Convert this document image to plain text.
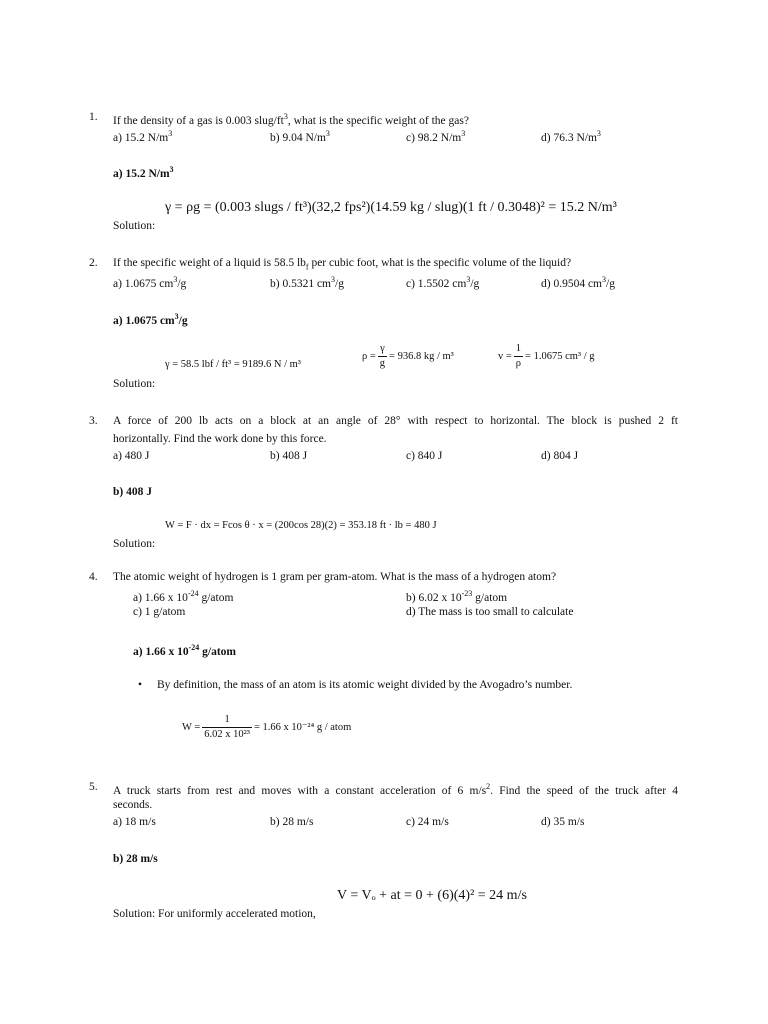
1. If the density of a gas is 0.003 slug/$ft^3$, what is the specific weight of the gas?
a) 15.2 $N/m^3$	b) 9.04 $N/m^3$	c) 98.2 $N/m^3$	d) 76.3 $N/m^3$
a) 15.2 $N/m^3$
γ = ρg = (0.003 slugs / ft³)(32,2 fps²)(14.59 kg / slug)(1 ft / 0.3048)² = 15.2 N/m³
Solution:
2. If the specific weight of a liquid is 58.5 $lb_f$ per cubic foot, what is the specific volume of the liquid?
a) 1.0675 $cm^3/g$	b) 0.5321 $cm^3/g$	c) 1.5502 $cm^3/g$	d) 0.9504 $cm^3/g$
a) 1.0675 $cm^3/g$
γ = 58.5 lbf / ft³ = 9189.6 N / m³
$\rho = \frac{\gamma}{g} = 936.8$ kg / m³	$v = \frac{1}{\rho} = 1.0675$ cm³ / g
Solution:
3. A force of 200 lb acts on a block at an angle of 28° with respect to horizontal. The block is pushed 2 ft
horizontally. Find the work done by this force.
a) 480 J	b) 408 J	c) 840 J	d) 804 J
b) 408 J
W = F · dx = Fcos θ · x = (200cos 28)(2) = 353.18 ft · lb = 480 J
Solution:
4. The atomic weight of hydrogen is 1 gram per gram-atom. What is the mass of a hydrogen atom?
a) 1.66 x $10^{-24}$ g/atom	b) 6.02 x $10^{-23}$ g/atom
c) 1 g/atom	d) The mass is too small to calculate
a) 1.66 x $10^{-24}$ g/atom
• By definition, the mass of an atom is its atomic weight divided by the Avogadro’s number.
$W = \frac{1}{\text{6.02 x 10²³}} = 1.66$ x 10⁻²⁴ g / atom
5. A truck starts from rest and moves with a constant acceleration of 6 $m/s^2$. Find the speed of the truck after 4
seconds.
a) 18 m/s	b) 28 m/s	c) 24 m/s	d) 35 m/s
b) 28 m/s
V = Vₒ + at = 0 + (6)(4)² = 24 m/s
Solution: For uniformly accelerated motion,
